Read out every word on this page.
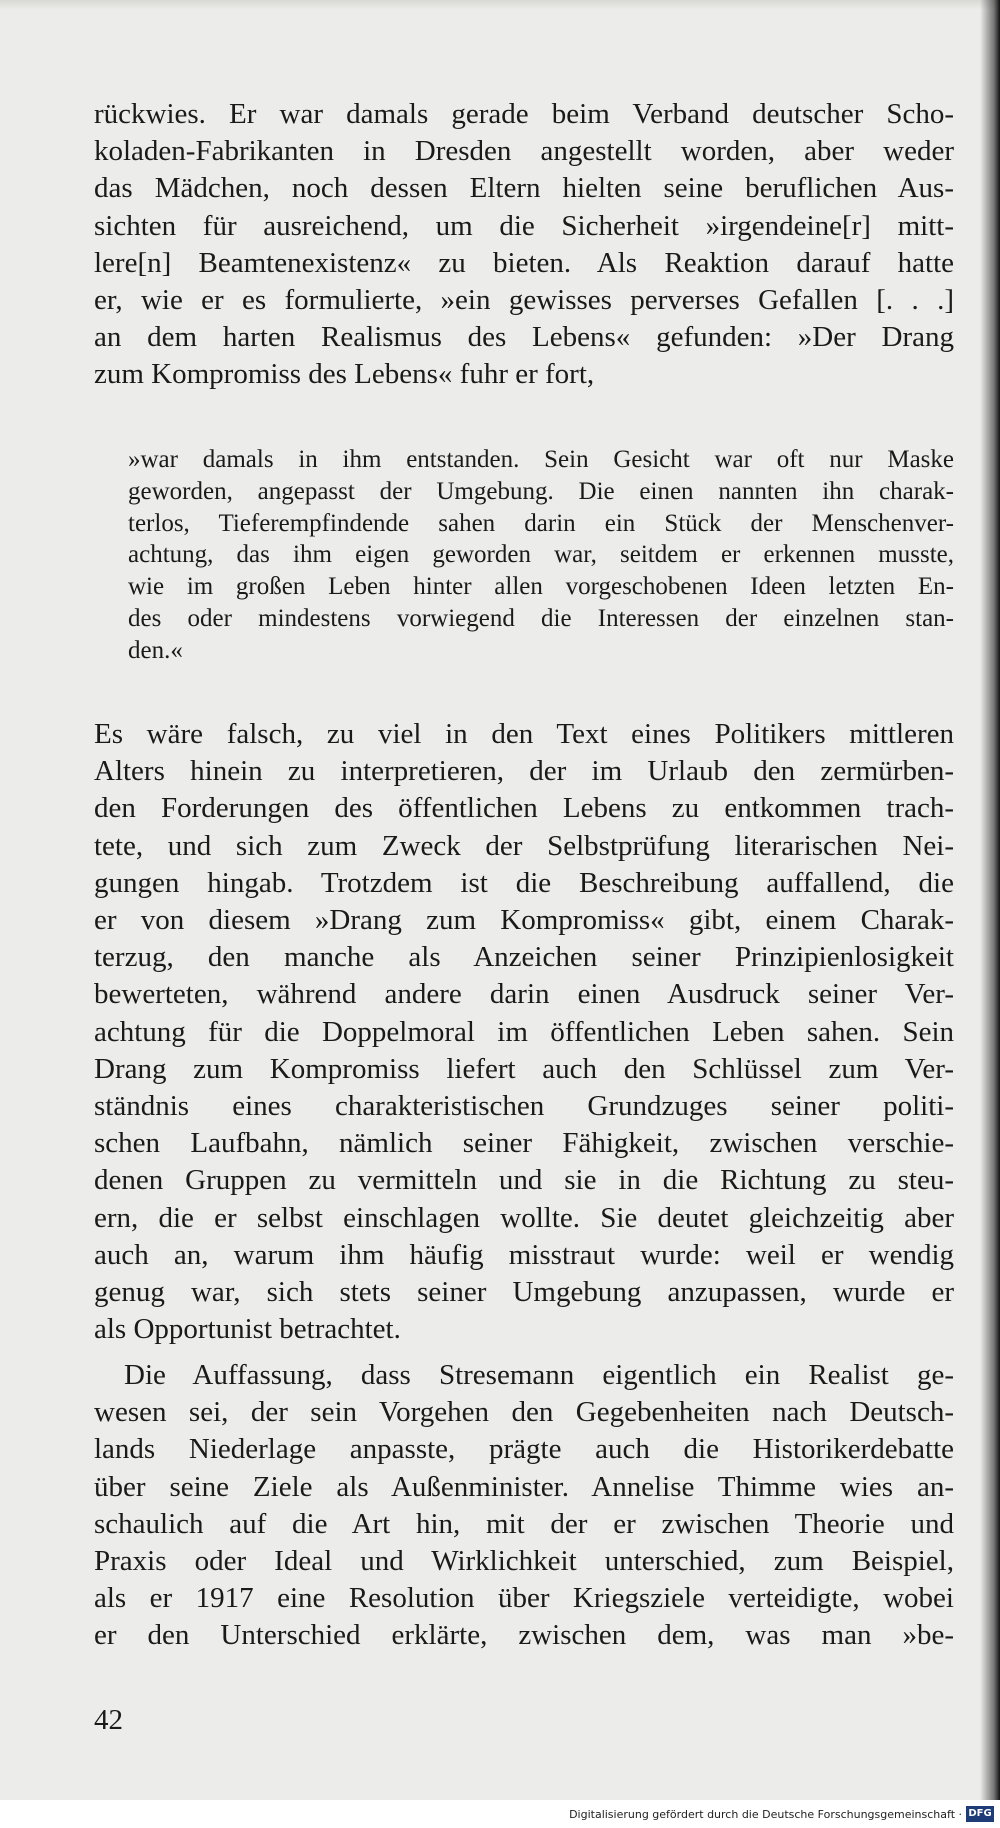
rückwies. Er war damals gerade beim Verband deutscher Scho-
koladen-Fabrikanten in Dresden angestellt worden, aber weder
das Mädchen, noch dessen Eltern hielten seine beruflichen Aus-
sichten für ausreichend, um die Sicherheit »irgendeine[r] mitt-
lere[n] Beamtenexistenz« zu bieten. Als Reaktion darauf hatte
er, wie er es formulierte, »ein gewisses perverses Gefallen [. . .]
an dem harten Realismus des Lebens« gefunden: »Der Drang
zum Kompromiss des Lebens« fuhr er fort,
»war damals in ihm entstanden. Sein Gesicht war oft nur Maske
geworden, angepasst der Umgebung. Die einen nannten ihn charak-
terlos, Tieferempfindende sahen darin ein Stück der Menschenver-
achtung, das ihm eigen geworden war, seitdem er erkennen musste,
wie im großen Leben hinter allen vorgeschobenen Ideen letzten En-
des oder mindestens vorwiegend die Interessen der einzelnen stan-
den.«
Es wäre falsch, zu viel in den Text eines Politikers mittleren
Alters hinein zu interpretieren, der im Urlaub den zermürben-
den Forderungen des öffentlichen Lebens zu entkommen trach-
tete, und sich zum Zweck der Selbstprüfung literarischen Nei-
gungen hingab. Trotzdem ist die Beschreibung auffallend, die
er von diesem »Drang zum Kompromiss« gibt, einem Charak-
terzug, den manche als Anzeichen seiner Prinzipienlosigkeit
bewerteten, während andere darin einen Ausdruck seiner Ver-
achtung für die Doppelmoral im öffentlichen Leben sahen. Sein
Drang zum Kompromiss liefert auch den Schlüssel zum Ver-
ständnis eines charakteristischen Grundzuges seiner politi-
schen Laufbahn, nämlich seiner Fähigkeit, zwischen verschie-
denen Gruppen zu vermitteln und sie in die Richtung zu steu-
ern, die er selbst einschlagen wollte. Sie deutet gleichzeitig aber
auch an, warum ihm häufig misstraut wurde: weil er wendig
genug war, sich stets seiner Umgebung anzupassen, wurde er
als Opportunist betrachtet.
Die Auffassung, dass Stresemann eigentlich ein Realist ge-
wesen sei, der sein Vorgehen den Gegebenheiten nach Deutsch-
lands Niederlage anpasste, prägte auch die Historikerdebatte
über seine Ziele als Außenminister. Annelise Thimme wies an-
schaulich auf die Art hin, mit der er zwischen Theorie und
Praxis oder Ideal und Wirklichkeit unterschied, zum Beispiel,
als er 1917 eine Resolution über Kriegsziele verteidigte, wobei
er den Unterschied erklärte, zwischen dem, was man »be-
42
Digitalisierung gefördert durch die Deutsche Forschungsgemeinschaft · DFG
